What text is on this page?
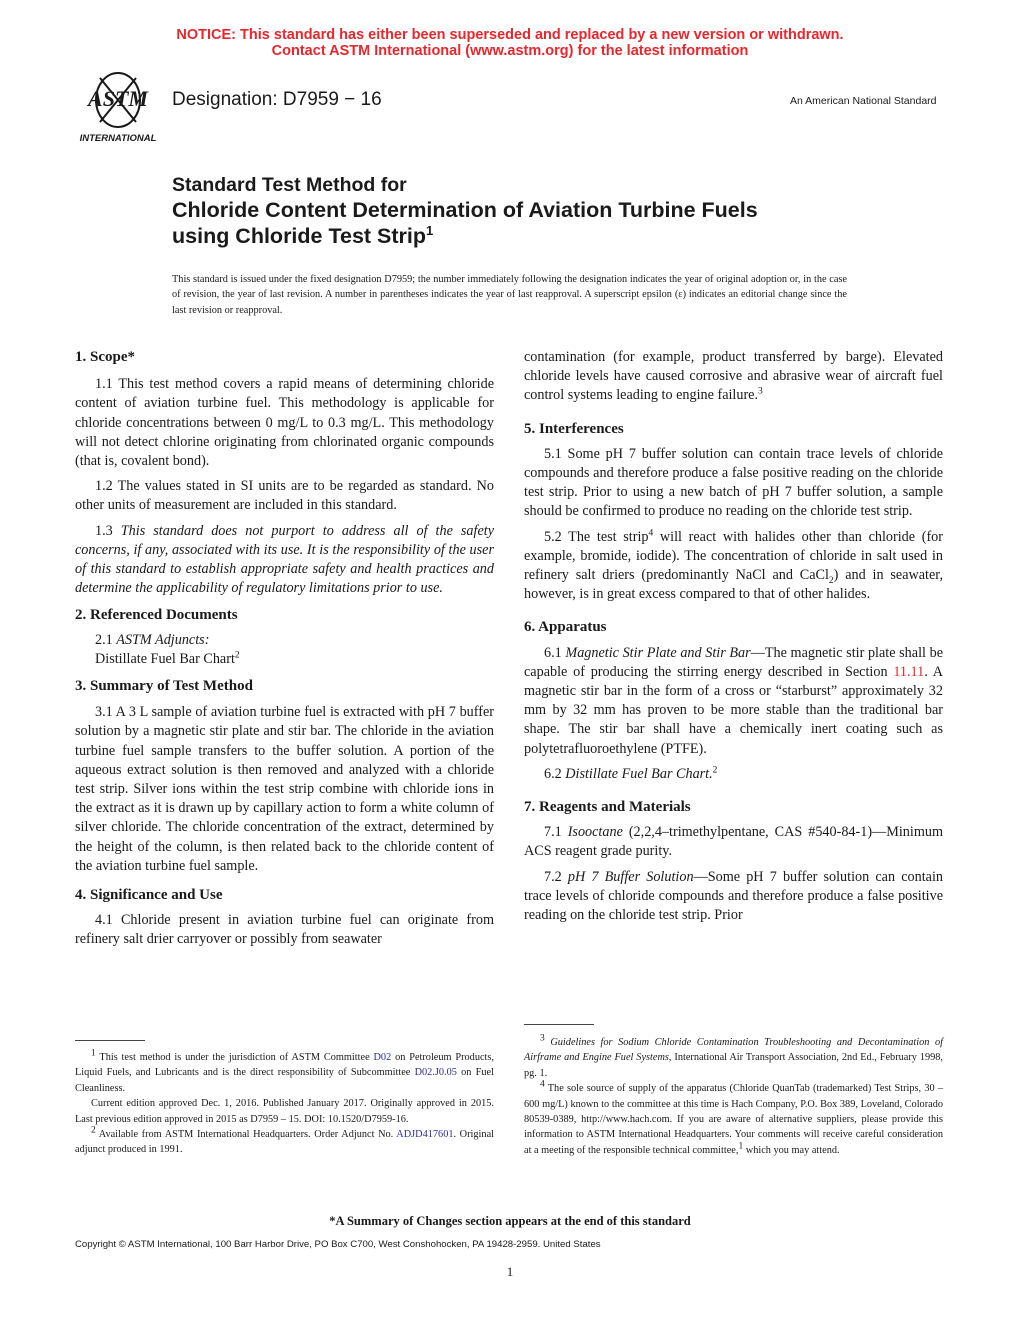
NOTICE: This standard has either been superseded and replaced by a new version or withdrawn.
Contact ASTM International (www.astm.org) for the latest information
ASTM
INTERNATIONAL
Designation: D7959 − 16	An American National Standard
Standard Test Method for
Chloride Content Determination of Aviation Turbine Fuels
using Chloride Test Strip$^1$
This standard is issued under the fixed designation D7959; the number immediately following the designation indicates the year of original adoption or, in the case of revision, the year of last revision. A number in parentheses indicates the year of last reapproval. A superscript epsilon (ε) indicates an editorial change since the last revision or reapproval.

1. Scope*

1.1 This test method covers a rapid means of determining chloride content of aviation turbine fuel. This methodology is applicable for chloride concentrations between 0 mg/L to 0.3 mg/L. This methodology will not detect chlorine originating from chlorinated organic compounds (that is, covalent bond).

1.2 The values stated in SI units are to be regarded as standard. No other units of measurement are included in this standard.

1.3 This standard does not purport to address all of the safety concerns, if any, associated with its use. It is the responsibility of the user of this standard to establish appropriate safety and health practices and determine the applicability of regulatory limitations prior to use.

2. Referenced Documents

2.1 ASTM Adjuncts:

Distillate Fuel Bar Chart$^2$

3. Summary of Test Method

3.1 A 3 L sample of aviation turbine fuel is extracted with pH 7 buffer solution by a magnetic stir plate and stir bar. The chloride in the aviation turbine fuel sample transfers to the buffer solution. A portion of the aqueous extract solution is then removed and analyzed with a chloride test strip. Silver ions within the test strip combine with chloride ions in the extract as it is drawn up by capillary action to form a white column of silver chloride. The chloride concentration of the extract, determined by the height of the column, is then related back to the chloride content of the aviation turbine fuel sample.

4. Significance and Use

4.1 Chloride present in aviation turbine fuel can originate from refinery salt drier carryover or possibly from seawater

contamination (for example, product transferred by barge). Elevated chloride levels have caused corrosive and abrasive wear of aircraft fuel control systems leading to engine failure.$^3$

5. Interferences

5.1 Some pH 7 buffer solution can contain trace levels of chloride compounds and therefore produce a false positive reading on the chloride test strip. Prior to using a new batch of pH 7 buffer solution, a sample should be confirmed to produce no reading on the chloride test strip.

5.2 The test strip$^4$ will react with halides other than chloride (for example, bromide, iodide). The concentration of chloride in salt used in refinery salt driers (predominantly NaCl and CaCl$_2$) and in seawater, however, is in great excess compared to that of other halides.

6. Apparatus

6.1 Magnetic Stir Plate and Stir Bar—The magnetic stir plate shall be capable of producing the stirring energy described in Section 11.11. A magnetic stir bar in the form of a cross or “starburst” approximately 32 mm by 32 mm has proven to be more stable than the traditional bar shape. The stir bar shall have a chemically inert coating such as polytetrafluoroethylene (PTFE).

6.2 Distillate Fuel Bar Chart.$^2$

7. Reagents and Materials

7.1 Isooctane (2,2,4–trimethylpentane, CAS #540-84-1)—Minimum ACS reagent grade purity.

7.2 pH 7 Buffer Solution—Some pH 7 buffer solution can contain trace levels of chloride compounds and therefore produce a false positive reading on the chloride test strip. Prior

$^1$ This test method is under the jurisdiction of ASTM Committee D02 on Petroleum Products, Liquid Fuels, and Lubricants and is the direct responsibility of Subcommittee D02.J0.05 on Fuel Cleanliness.

Current edition approved Dec. 1, 2016. Published January 2017. Originally approved in 2015. Last previous edition approved in 2015 as D7959 – 15. DOI: 10.1520/D7959-16.

$^2$ Available from ASTM International Headquarters. Order Adjunct No. ADJD417601. Original adjunct produced in 1991.

$^3$ Guidelines for Sodium Chloride Contamination Troubleshooting and Decontamination of Airframe and Engine Fuel Systems, International Air Transport Association, 2nd Ed., February 1998, pg. 1.

$^4$ The sole source of supply of the apparatus (Chloride QuanTab (trademarked) Test Strips, 30 – 600 mg/L) known to the committee at this time is Hach Company, P.O. Box 389, Loveland, Colorado 80539-0389, http://www.hach.com. If you are aware of alternative suppliers, please provide this information to ASTM International Headquarters. Your comments will receive careful consideration at a meeting of the responsible technical committee,$^1$ which you may attend.

*A Summary of Changes section appears at the end of this standard
Copyright © ASTM International, 100 Barr Harbor Drive, PO Box C700, West Conshohocken, PA 19428-2959. United States
1
